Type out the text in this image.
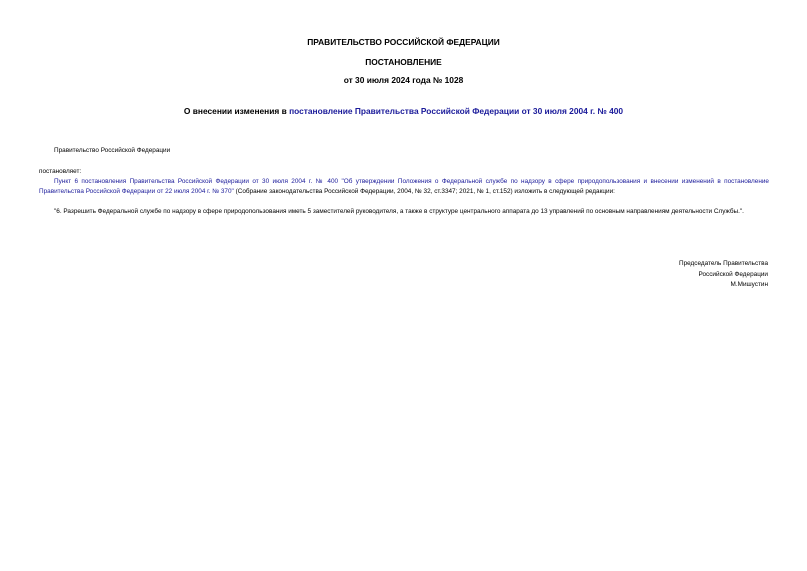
ПРАВИТЕЛЬСТВО РОССИЙСКОЙ ФЕДЕРАЦИИ
ПОСТАНОВЛЕНИЕ
от 30 июля 2024 года № 1028
О внесении изменения в постановление Правительства Российской Федерации от 30 июля 2004 г. № 400
Правительство Российской Федерации
постановляет:
Пункт 6 постановления Правительства Российской Федерации от 30 июля 2004 г. № 400 "Об утверждении Положения о Федеральной службе по надзору в сфере природопользования и внесении изменений в постановление Правительства Российской Федерации от 22 июля 2004 г. № 370" (Собрание законодательства Российской Федерации, 2004, № 32, ст.3347; 2021, № 1, ст.152) изложить в следующей редакции:
"6. Разрешить Федеральной службе по надзору в сфере природопользования иметь 5 заместителей руководителя, а также в структуре центрального аппарата до 13 управлений по основным направлениям деятельности Службы.".
Председатель Правительства
Российской Федерации
М.Мишустин
